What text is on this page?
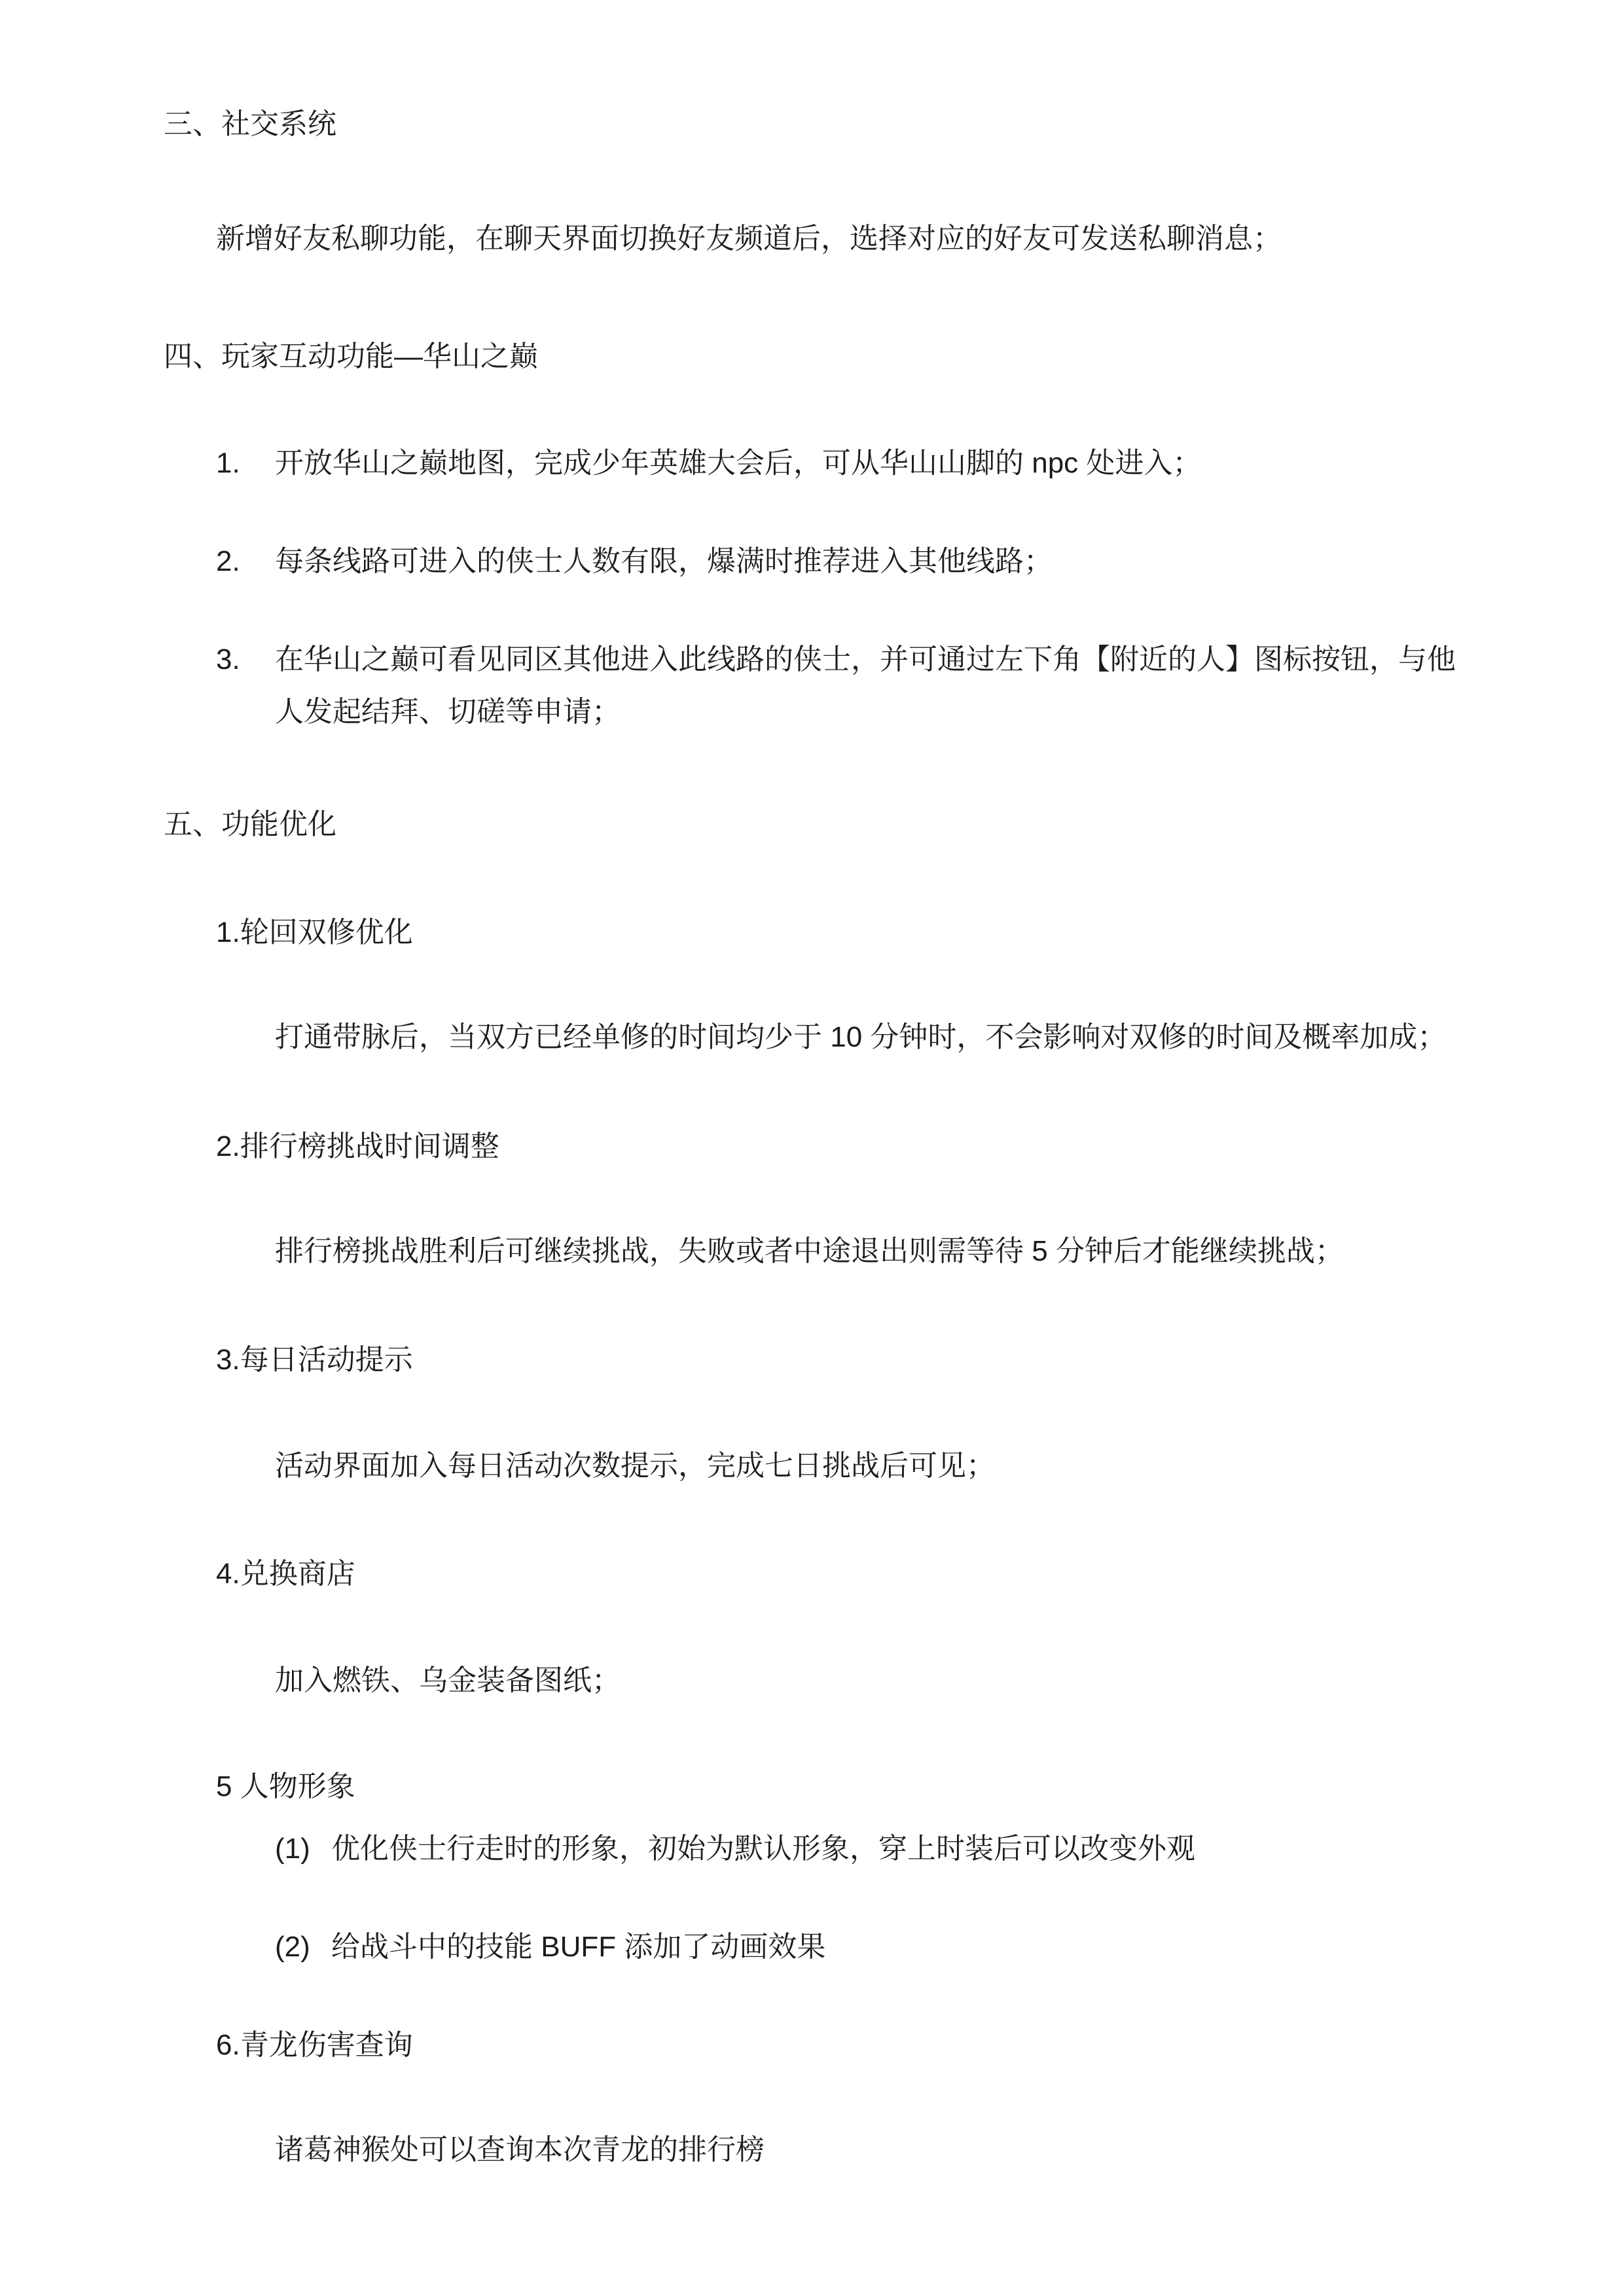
三、社交系统
新增好友私聊功能，在聊天界面切换好友频道后，选择对应的好友可发送私聊消息；
四、玩家互动功能—华山之巅
1.	开放华山之巅地图，完成少年英雄大会后，可从华山山脚的 npc 处进入；
2.	每条线路可进入的侠士人数有限，爆满时推荐进入其他线路；
3.	在华山之巅可看见同区其他进入此线路的侠士，并可通过左下角【附近的人】图标按钮，与他人发起结拜、切磋等申请；
五、功能优化
1.轮回双修优化
打通带脉后，当双方已经单修的时间均少于 10 分钟时，不会影响对双修的时间及概率加成；
2.排行榜挑战时间调整
排行榜挑战胜利后可继续挑战，失败或者中途退出则需等待 5 分钟后才能继续挑战；
3.每日活动提示
活动界面加入每日活动次数提示，完成七日挑战后可见；
4.兑换商店
加入燃铁、乌金装备图纸；
5 人物形象
(1) 优化侠士行走时的形象，初始为默认形象，穿上时装后可以改变外观
(2) 给战斗中的技能 BUFF 添加了动画效果
6.青龙伤害查询
诸葛神猴处可以查询本次青龙的排行榜
